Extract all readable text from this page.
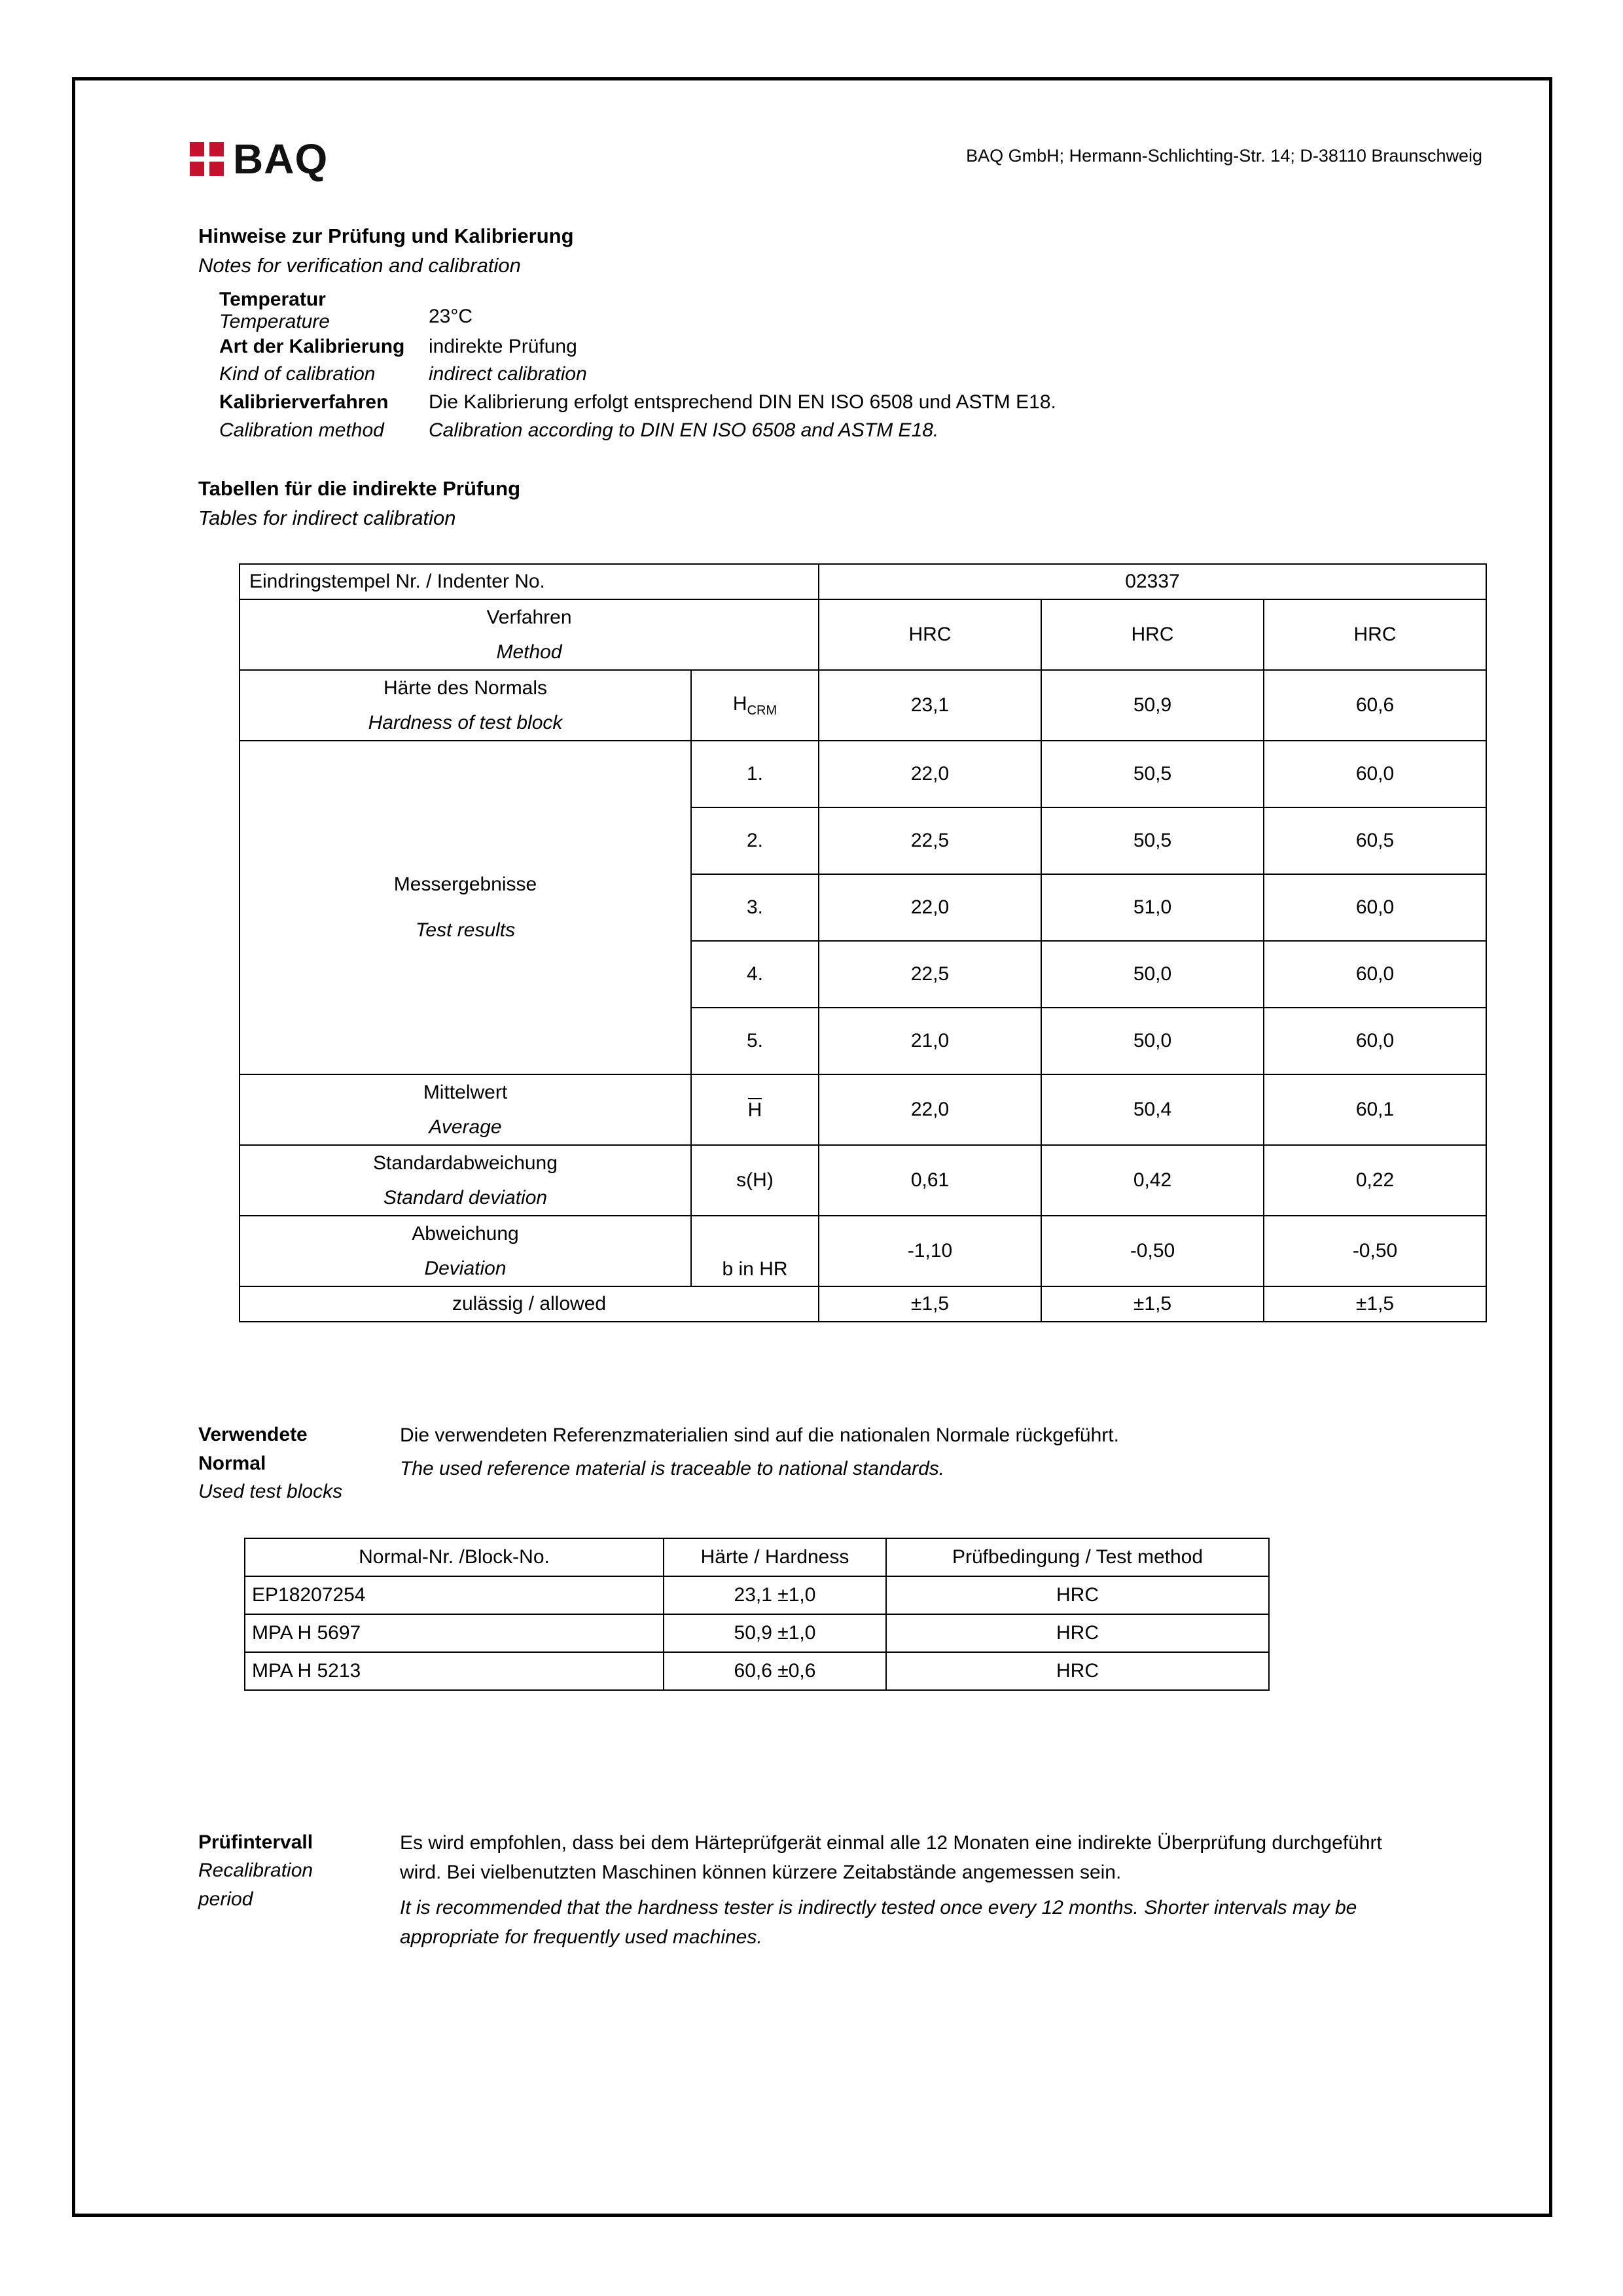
BAQ	BAQ GmbH; Hermann-Schlichting-Str. 14; D-38110 Braunschweig
Hinweise zur Prüfung und Kalibrierung
Notes for verification and calibration
Temperatur
Temperature	23°C
Art der Kalibrierung	indirekte Prüfung
Kind of calibration	indirect calibration
Kalibrierverfahren	Die Kalibrierung erfolgt entsprechend DIN EN ISO 6508 und ASTM E18.
Calibration method	Calibration according to DIN EN ISO 6508 and ASTM E18.
Tabellen für die indirekte Prüfung
Tables for indirect calibration
Eindringstempel Nr. / Indenter No.		02337		
Verfahren		HRC	HRC	HRC
Method				
Härte des Normals	$H_{CRM}$	23,1	50,9	60,6
Hardness of test block				

Messergebnisse
Test results	1.	22,0	50,5	60,0
	2.	22,5	50,5	60,5
	3.	22,0	51,0	60,0
	4.	22,5	50,0	60,0
	5.	21,0	50,0	60,0
Mittelwert	H	22,0	50,4	60,1
Average				
Standardabweichung	s(H)	0,61	0,42	0,22
Standard deviation				
Abweichung	b in HR	-1,10	-0,50	-0,50
Deviation				
zulässig / allowed		±1,5	±1,5	±1,5
Verwendete Normal
Used test blocks
Die verwendeten Referenzmaterialien sind auf die nationalen Normale rückgeführt.
The used reference material is traceable to national standards.
Normal-Nr. /Block-No.	Härte / Hardness	Prüfbedingung / Test method
EP18207254	23,1 ±1,0	HRC
MPA H 5697	50,9 ±1,0	HRC
MPA H 5213	60,6 ±0,6	HRC
Prüfintervall
Recalibration period
Es wird empfohlen, dass bei dem Härteprüfgerät einmal alle 12 Monaten eine indirekte Überprüfung durchgeführt wird. Bei vielbenutzten Maschinen können kürzere Zeitabstände angemessen sein.
It is recommended that the hardness tester is indirectly tested once every 12 months. Shorter intervals may be appropriate for frequently used machines.
